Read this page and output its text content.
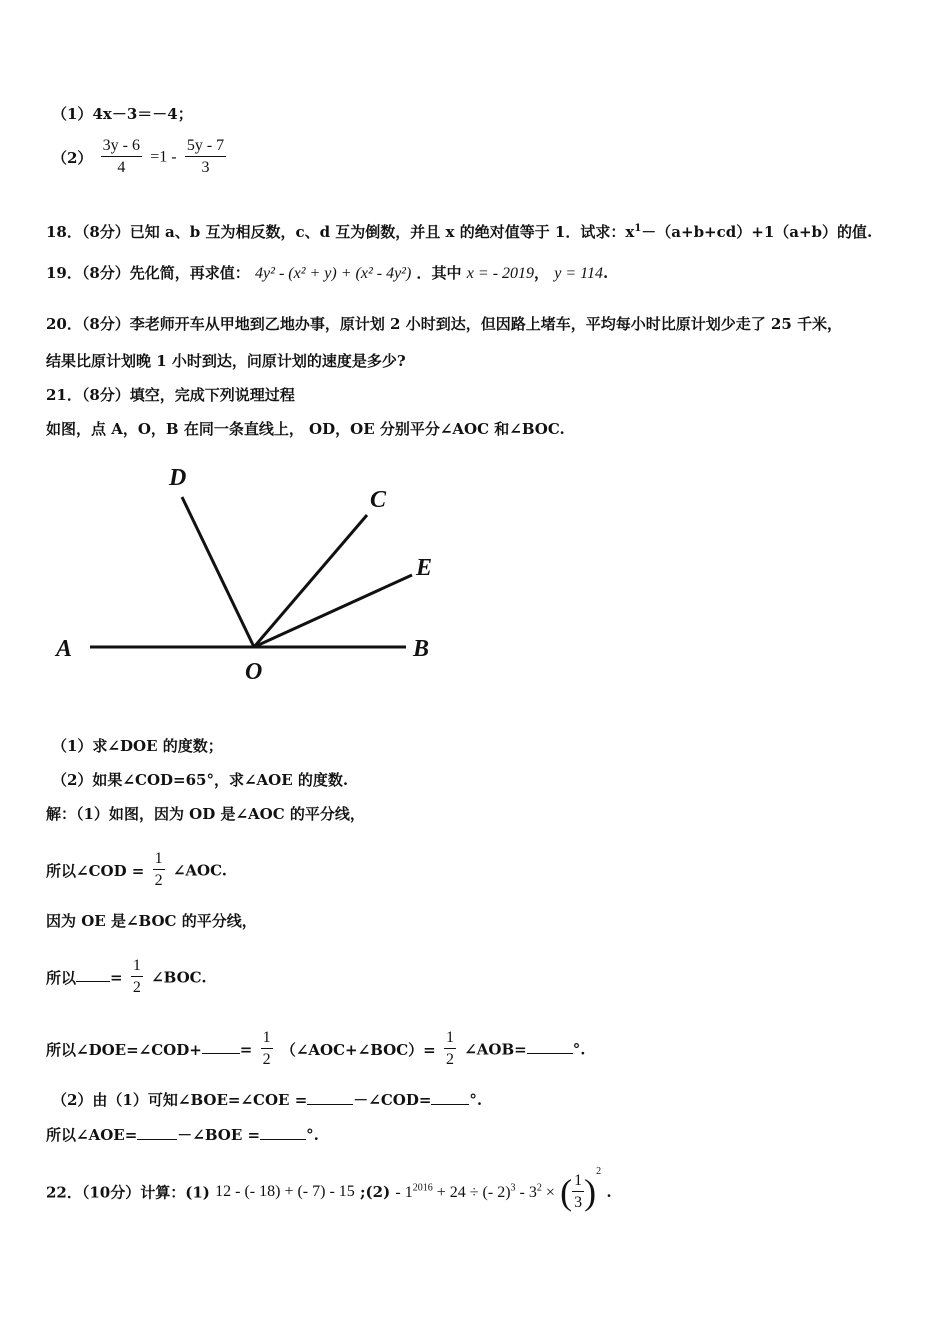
（1）4x－3＝－4；
$(2) \frac{3y - 6}{4} =1 - \frac{5y - 7}{3}$
18．（8分）已知 a、b 互为相反数，c、d 互为倒数，并且 x 的绝对值等于 1．试求：$x^1-(a+b+cd)+1(a+b)$的值.
19．（8分）先化简，再求值： 4y² - (x² + y) + (x² - 4y²) ．其中 x = - 2019， y = 114.
20．（8分）李老师开车从甲地到乙地办事，原计划 2 小时到达，但因路上堵车，平均每小时比原计划少走了 25 千米，
结果比原计划晚 1 小时到达，问原计划的速度是多少?
21．（8分）填空，完成下列说理过程
如图，点 A，O，B 在同一条直线上， OD，OE 分别平分∠AOC 和∠BOC.
A	B
O
D
C
E
（1）求∠DOE 的度数；
（2）如果∠COD=65°，求∠AOE 的度数.
解：（1）如图，因为 OD 是∠AOC 的平分线，
所以∠COD = $\frac{1}{2}$ ∠AOC.
因为 OE 是∠BOC 的平分线，
所以 = $\frac{1}{2}$ ∠BOC.
所以∠DOE=∠COD+	= $\frac{1}{2}$ （∠AOC+∠BOC）= $\frac{1}{2}$ ∠AOB=	°.
（2）由（1）可知∠BOE=∠COE =	－∠COD=	°.
所以∠AOE=	－∠BOE =	°.
22．（10分）计算：(1) 12 - (- 18) + (- 7) - 15 ;(2) - $1^{2016} + 24$ ÷ (- $2)^3 - 3^2$ × ( $\frac{1}{3} )^2$ .
